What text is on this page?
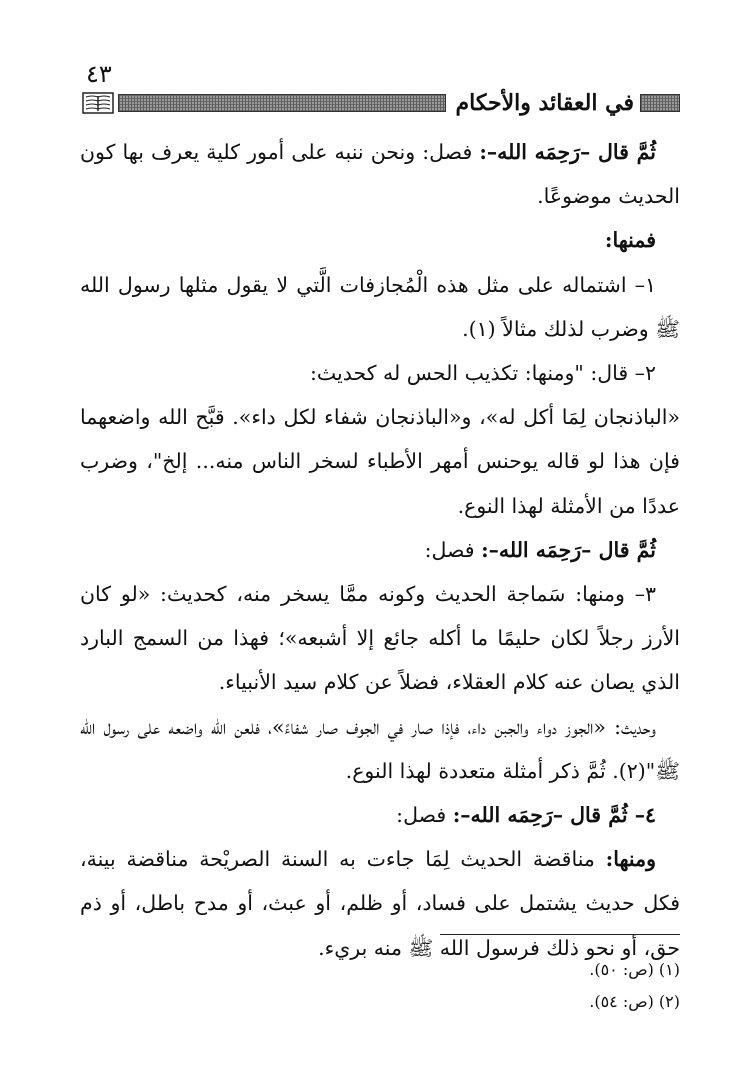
٤٣
في العقائد والأحكام

ثُمَّ قال –رَحِمَه الله–: فصل: ونحن ننبه على أمور كلية يعرف بها كون الحديث موضوعًا.

فمنها:

١– اشتماله على مثل هذه الْمُجازفات الَّتي لا يقول مثلها رسول الله ﷺ وضرب لذلك مثالاً (١).

٢– قال: "ومنها: تكذيب الحس له كحديث:

«الباذنجان لِمَا أكل له»، و«الباذنجان شفاء لكل داء». قبَّح الله واضعهما فإن هذا لو قاله يوحنس أمهر الأطباء لسخر الناس منه... إلخ"، وضرب عددًا من الأمثلة لهذا النوع.

ثُمَّ قال –رَحِمَه الله–: فصل:

٣– ومنها: سَماجة الحديث وكونه ممَّا يسخر منه، كحديث: «لو كان الأرز رجلاً لكان حليمًا ما أكله جائع إلا أشبعه»؛ فهذا من السمج البارد الذي يصان عنه كلام العقلاء، فضلاً عن كلام سيد الأنبياء.

وحديث: «الجوز دواء والجبن داء، فإذا صار في الجوف صار شفاءً»، فلعن الله واضعه على رسول الله ﷺ"(٢). ثُمَّ ذكر أمثلة متعددة لهذا النوع.

٤– ثُمَّ قال –رَحِمَه الله–: فصل:

ومنها: مناقضة الحديث لِمَا جاءت به السنة الصريْحة مناقضة بينة، فكل حديث يشتمل على فساد، أو ظلم، أو عبث، أو مدح باطل، أو ذم حق، أو نحو ذلك فرسول الله ﷺ منه بريء.

(١) (ص: ٥٠).

(٢) (ص: ٥٤).
